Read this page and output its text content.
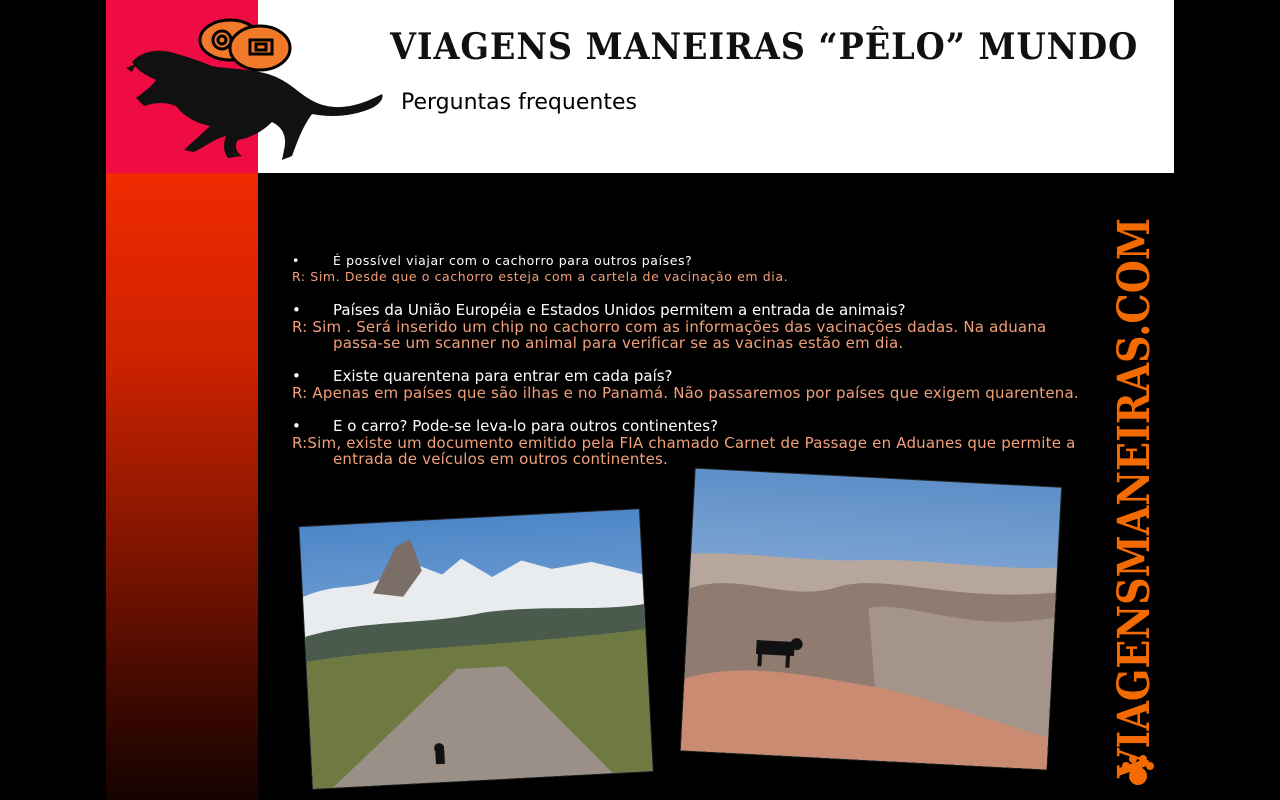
VIAGENS MANEIRAS “PÊLO” MUNDO
Perguntas frequentes
•	É possível viajar com o cachorro para outros países?
R: Sim. Desde que o cachorro esteja com a cartela de vacinação em dia.
• Países da União Européia e Estados Unidos permitem a entrada de animais?
R: Sim . Será inserido um chip no cachorro com as informações das vacinações dadas. Na aduana passa-se um scanner no animal para verificar se as vacinas estão em dia.
• Existe quarentena para entrar em cada país?
R: Apenas em países que são ilhas e no Panamá. Não passaremos por países que exigem quarentena.
• E o carro? Pode-se leva-lo para outros continentes?
R:Sim, existe um documento emitido pela FIA chamado Carnet de Passage en Aduanes que permite a entrada de veículos em outros continentes.	VIAGENSMANEIRAS.COM
